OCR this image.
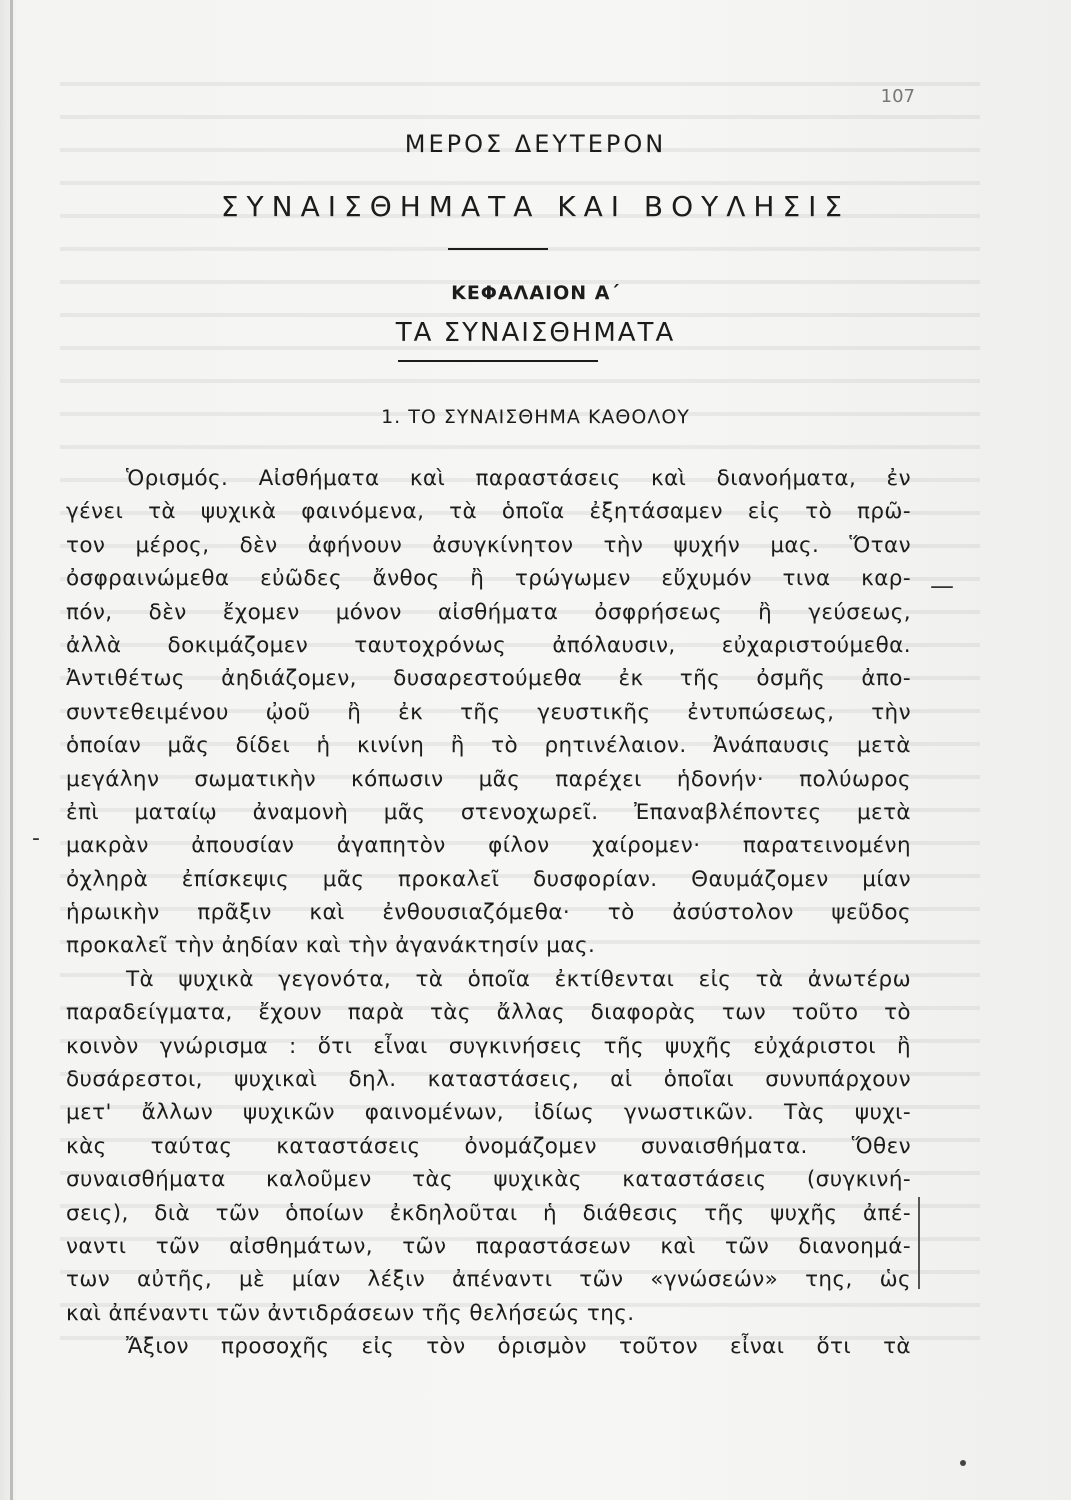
107
ΜΕΡΟΣ ΔΕΥΤΕΡΟΝ
ΣΥΝΑΙΣΘΗΜΑΤΑ ΚΑΙ ΒΟΥΛΗΣΙΣ
ΚΕΦΑΛΑΙΟΝ Α΄
ΤΑ ΣΥΝΑΙΣΘΗΜΑΤΑ
1. ΤΟ ΣΥΝΑΙΣΘΗΜΑ ΚΑΘΟΛΟΥ
Ὁρισμός. Αἰσθήματα καὶ παραστάσεις καὶ διανοήματα, ἐν
γένει τὰ ψυχικὰ φαινόμενα, τὰ ὁποῖα ἐξητάσαμεν εἰς τὸ πρῶ-
τον μέρος, δὲν ἀφήνουν ἀσυγκίνητον τὴν ψυχήν μας. Ὅταν
ὀσφραινώμεθα εὐῶδες ἄνθος ἢ τρώγωμεν εὔχυμόν τινα καρ-
πόν, δὲν ἔχομεν μόνον αἰσθήματα ὀσφρήσεως ἢ γεύσεως,
ἀλλὰ δοκιμάζομεν ταυτοχρόνως ἀπόλαυσιν, εὐχαριστούμεθα.
Ἀντιθέτως ἀηδιάζομεν, δυσαρεστούμεθα ἐκ τῆς ὀσμῆς ἀπο-
συντεθειμένου ᾠοῦ ἢ ἐκ τῆς γευστικῆς ἐντυπώσεως, τὴν
ὁποίαν μᾶς δίδει ἡ κινίνη ἢ τὸ ρητινέλαιον. Ἀνάπαυσις μετὰ
μεγάλην σωματικὴν κόπωσιν μᾶς παρέχει ἡδονήν· πολύωρος
ἐπὶ ματαίῳ ἀναμονὴ μᾶς στενοχωρεῖ. Ἐπαναβλέποντες μετὰ
μακρὰν ἀπουσίαν ἀγαπητὸν φίλον χαίρομεν· παρατεινομένη
ὀχληρὰ ἐπίσκεψις μᾶς προκαλεῖ δυσφορίαν. Θαυμάζομεν μίαν
ἡρωικὴν πρᾶξιν καὶ ἐνθουσιαζόμεθα· τὸ ἀσύστολον ψεῦδος
προκαλεῖ τὴν ἀηδίαν καὶ τὴν ἀγανάκτησίν μας.
Τὰ ψυχικὰ γεγονότα, τὰ ὁποῖα ἐκτίθενται εἰς τὰ ἀνωτέρω
παραδείγματα, ἔχουν παρὰ τὰς ἄλλας διαφορὰς των τοῦτο τὸ
κοινὸν γνώρισμα : ὅτι εἶναι συγκινήσεις τῆς ψυχῆς εὐχάριστοι ἢ
δυσάρεστοι, ψυχικαὶ δηλ. καταστάσεις, αἱ ὁποῖαι συνυπάρχουν
μετ' ἄλλων ψυχικῶν φαινομένων, ἰδίως γνωστικῶν. Τὰς ψυχι-
κὰς ταύτας καταστάσεις ὀνομάζομεν συναισθήματα. Ὅθεν
συναισθήματα καλοῦμεν τὰς ψυχικὰς καταστάσεις (συγκινή-
σεις), διὰ τῶν ὁποίων ἐκδηλοῦται ἡ διάθεσις τῆς ψυχῆς ἀπέ-
ναντι τῶν αἰσθημάτων, τῶν παραστάσεων καὶ τῶν διανοημά-
των αὐτῆς, μὲ μίαν λέξιν ἀπέναντι τῶν «γνώσεών» της, ὡς
καὶ ἀπέναντι τῶν ἀντιδράσεων τῆς θελήσεώς της.
Ἄξιον προσοχῆς εἰς τὸν ὁρισμὸν τοῦτον εἶναι ὅτι τὰ
—
-
